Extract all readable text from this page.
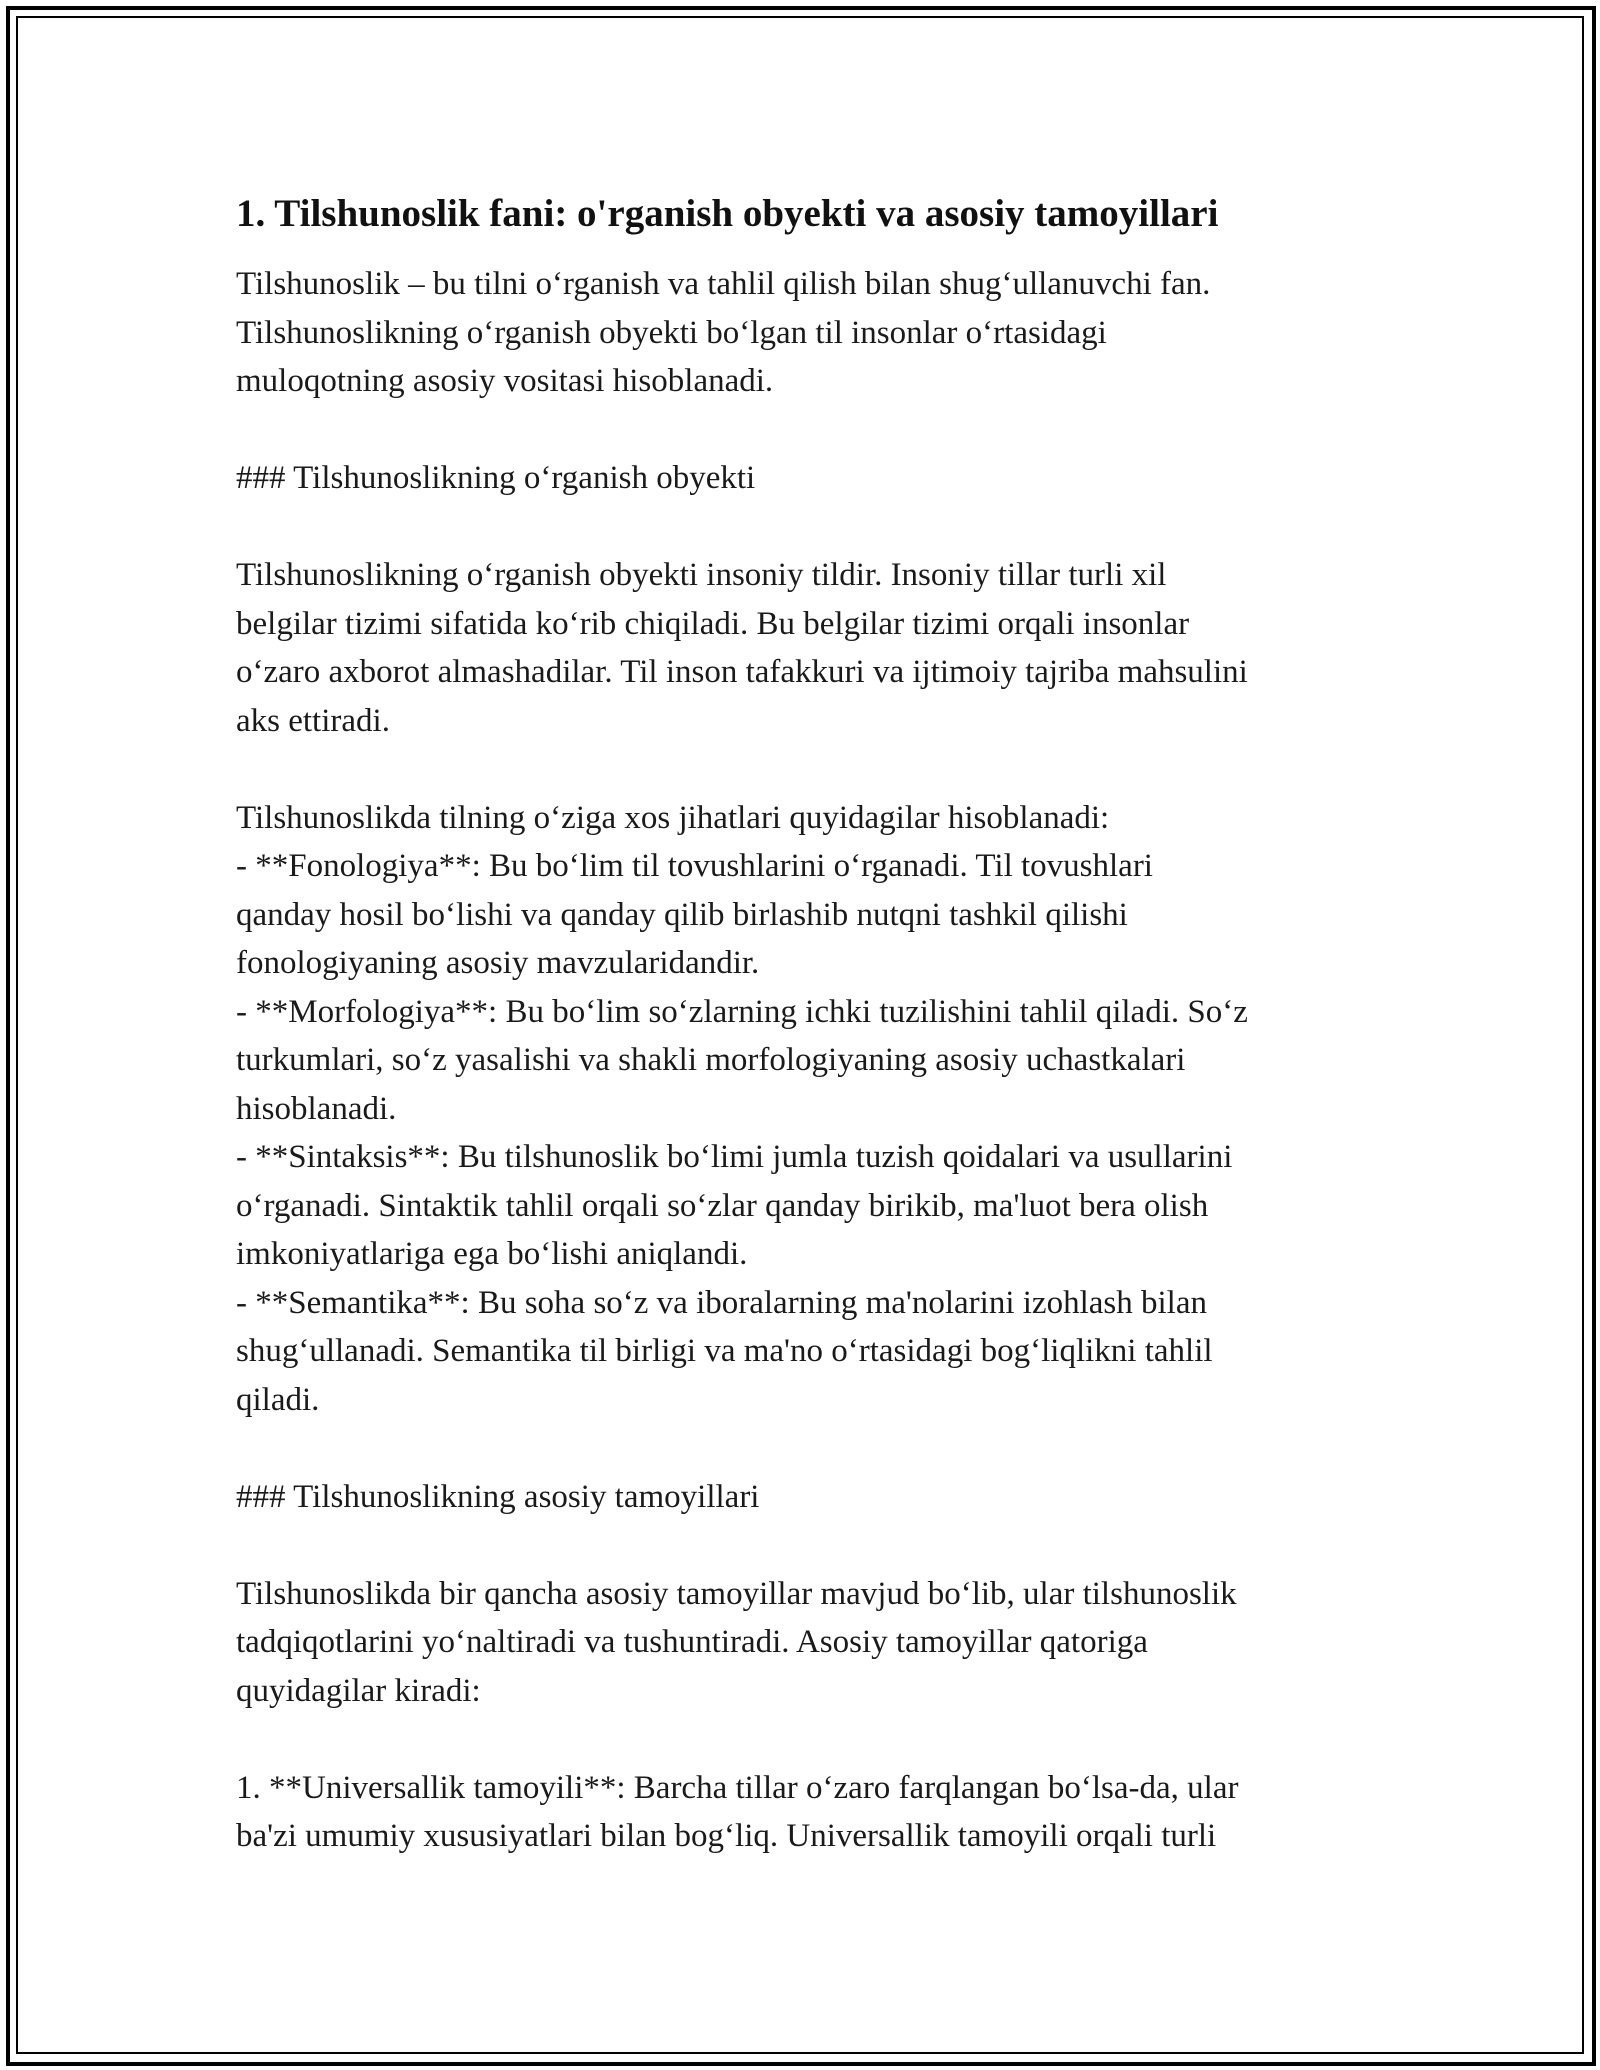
1. Tilshunoslik fani: o'rganish obyekti va asosiy tamoyillari

Tilshunoslik – bu tilni o‘rganish va tahlil qilish bilan shug‘ullanuvchi fan.
Tilshunoslikning o‘rganish obyekti bo‘lgan til insonlar o‘rtasidagi
muloqotning asosiy vositasi hisoblanadi.

### Tilshunoslikning o‘rganish obyekti

Tilshunoslikning o‘rganish obyekti insoniy tildir. Insoniy tillar turli xil
belgilar tizimi sifatida ko‘rib chiqiladi. Bu belgilar tizimi orqali insonlar
o‘zaro axborot almashadilar. Til inson tafakkuri va ijtimoiy tajriba mahsulini
aks ettiradi.

Tilshunoslikda tilning o‘ziga xos jihatlari quyidagilar hisoblanadi:

- **Fonologiya**: Bu bo‘lim til tovushlarini o‘rganadi. Til tovushlari
qanday hosil bo‘lishi va qanday qilib birlashib nutqni tashkil qilishi
fonologiyaning asosiy mavzularidandir.

- **Morfologiya**: Bu bo‘lim so‘zlarning ichki tuzilishini tahlil qiladi. So‘z
turkumlari, so‘z yasalishi va shakli morfologiyaning asosiy uchastkalari
hisoblanadi.

- **Sintaksis**: Bu tilshunoslik bo‘limi jumla tuzish qoidalari va usullarini
o‘rganadi. Sintaktik tahlil orqali so‘zlar qanday birikib, ma'luot bera olish
imkoniyatlariga ega bo‘lishi aniqlandi.

- **Semantika**: Bu soha so‘z va iboralarning ma'nolarini izohlash bilan
shug‘ullanadi. Semantika til birligi va ma'no o‘rtasidagi bog‘liqlikni tahlil
qiladi.

### Tilshunoslikning asosiy tamoyillari

Tilshunoslikda bir qancha asosiy tamoyillar mavjud bo‘lib, ular tilshunoslik
tadqiqotlarini yo‘naltiradi va tushuntiradi. Asosiy tamoyillar qatoriga
quyidagilar kiradi:

1. **Universallik tamoyili**: Barcha tillar o‘zaro farqlangan bo‘lsa-da, ular
ba'zi umumiy xususiyatlari bilan bog‘liq. Universallik tamoyili orqali turli
